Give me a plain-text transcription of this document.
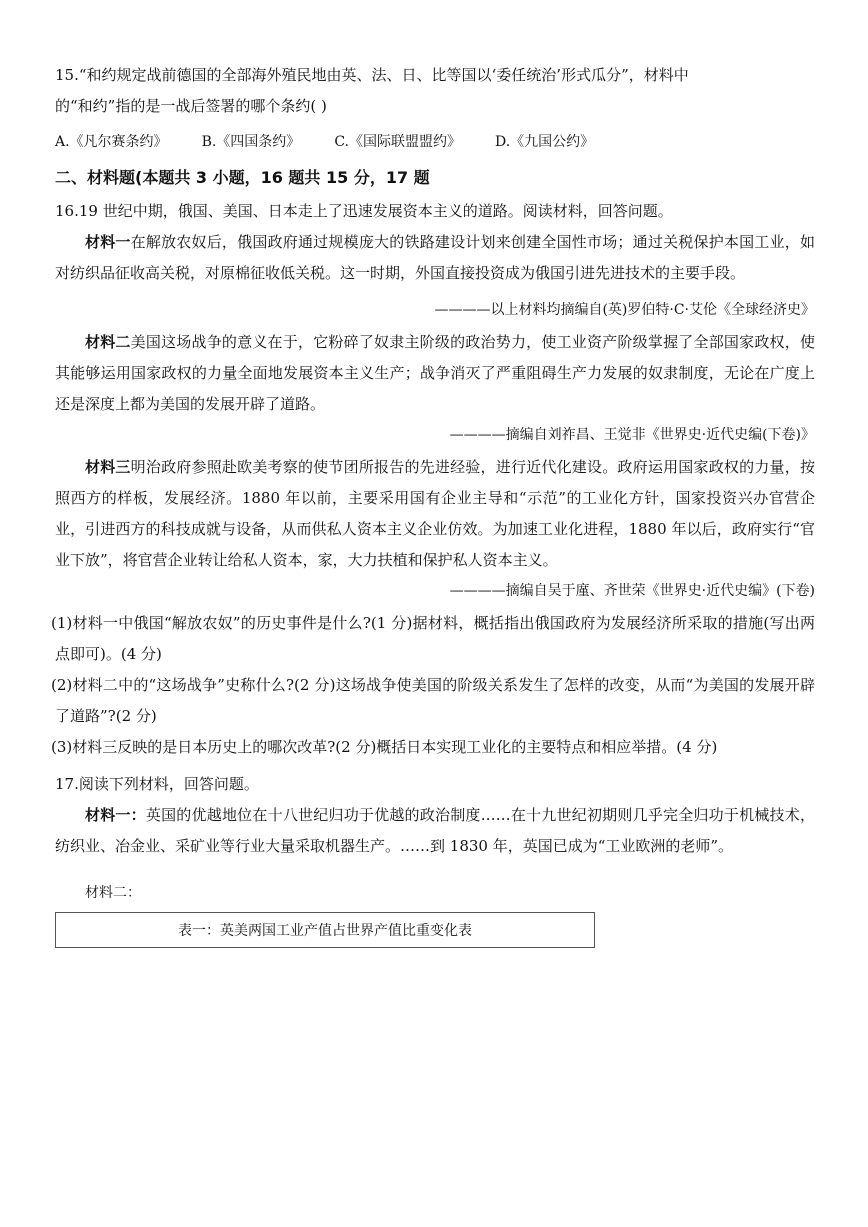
15.“和约规定战前德国的全部海外殖民地由英、法、日、比等国以‘委任统治’形式瓜分”，材料中
的“和约”指的是一战后签署的哪个条约( )

A.《凡尔赛条约》 B.《四国条约》 C.《国际联盟盟约》 D.《九国公约》
二、材料题(本题共 3 小题，16 题共 15 分，17 题

16.19 世纪中期，俄国、美国、日本走上了迅速发展资本主义的道路。阅读材料，回答问题。

材料一在解放农奴后，俄国政府通过规模庞大的铁路建设计划来创建全国性市场；通过关税保护本国工业，如对纺织品征收高关税，对原棉征收低关税。这一时期，外国直接投资成为俄国引进先进技术的主要手段。

————以上材料均摘编自(英)罗伯特·C·艾伦《全球经济史》

材料二美国这场战争的意义在于，它粉碎了奴隶主阶级的政治势力，使工业资产阶级掌握了全部国家政权，使其能够运用国家政权的力量全面地发展资本主义生产；战争消灭了严重阻碍生产力发展的奴隶制度，无论在广度上还是深度上都为美国的发展开辟了道路。

————摘编自刘祚昌、王觉非《世界史·近代史编(下卷)》

材料三明治政府参照赴欧美考察的使节团所报告的先进经验，进行近代化建设。政府运用国家政权的力量，按照西方的样板，发展经济。1880 年以前，主要采用国有企业主导和“示范”的工业化方针，国家投资兴办官营企业，引进西方的科技成就与设备，从而供私人资本主义企业仿效。为加速工业化进程，1880 年以后，政府实行“官业下放”，将官营企业转让给私人资本，家，大力扶植和保护私人资本主义。

————摘编自吴于廑、齐世荣《世界史·近代史编》(下卷)

(1)材料一中俄国“解放农奴”的历史事件是什么?(1 分)据材料，概括指出俄国政府为发展经济所采取的措施(写出两点即可)。(4 分)

(2)材料二中的“这场战争”史称什么?(2 分)这场战争使美国的阶级关系发生了怎样的改变，从而“为美国的发展开辟了道路”?(2 分)

(3)材料三反映的是日本历史上的哪次改革?(2 分)概括日本实现工业化的主要特点和相应举措。(4 分)

17.阅读下列材料，回答问题。

材料一：英国的优越地位在十八世纪归功于优越的政治制度……在十九世纪初期则几乎完全归功于机械技术，纺织业、冶金业、采矿业等行业大量采取机器生产。……到 1830 年，英国已成为“工业欧洲的老师”。

材料二：
表一：英美两国工业产值占世界产值比重变化表
